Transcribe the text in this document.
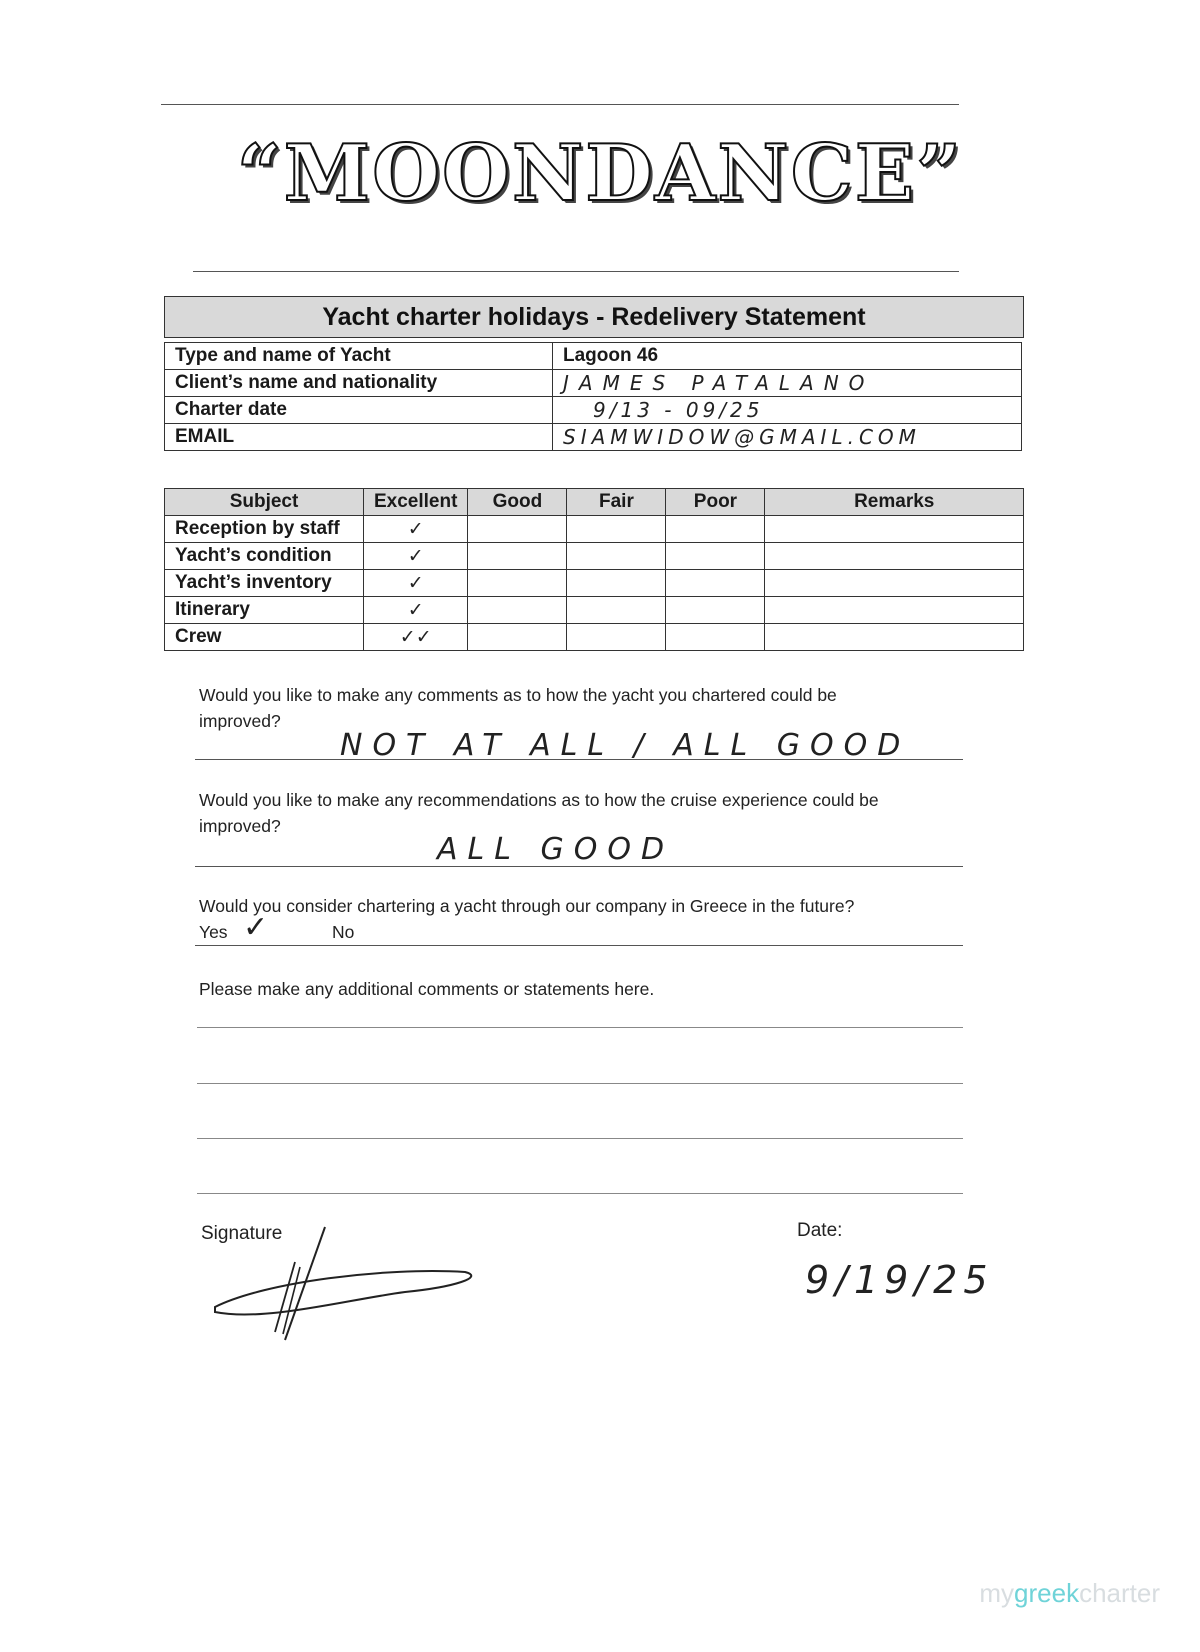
“MOONDANCE”
Yacht charter holidays - Redelivery Statement
Type and name of Yacht	Lagoon 46
Client’s name and nationality	JAMES PATALANO
Charter date	9/13 - 09/25
EMAIL	SIAMWIDOW@GMAIL.COM
Subject	Excellent	Good	Fair	Poor	Remarks
Reception by staff	✓				
Yacht’s condition	✓				
Yacht’s inventory	✓				
Itinerary	✓				
Crew	✓✓				
Would you like to make any comments as to how the yacht you chartered could be improved?
NOT AT ALL / ALL GOOD
Would you like to make any recommendations as to how the cruise experience could be improved?
ALL GOOD
Would you consider chartering a yacht through our company in Greece in the future?
Yes ✓	No
Please make any additional comments or statements here.
Signature	Date:
9/19/25
mygreekcharter
